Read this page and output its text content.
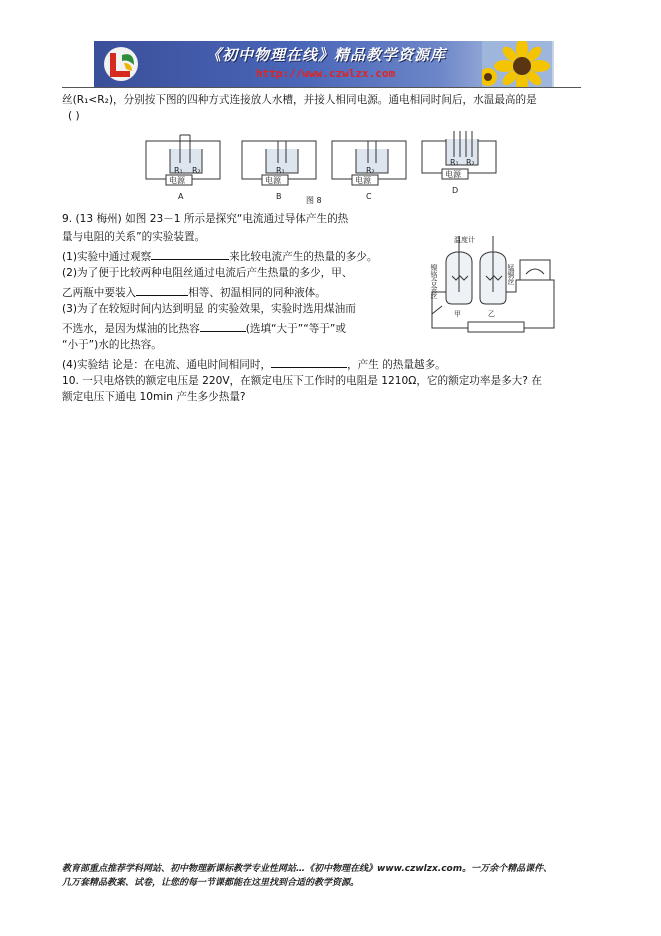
《初中物理在线》精品教学资源库
http://www.czwlzx.com
丝(R₁<R₂)，分别按下图的四种方式连接放人水槽，并接人相同电源。通电相同时间后，水温最高的是
( )
R₁ R₂
电源
A
R₁
电源
B
R₂
电源
C
R₁ R₂
电源
D
图 8
9. (13 梅州) 如图 23－1 所示是探究“电流通过导体产生的热
量与电阻的关系”的实验装置。
(1)实验中通过观察	来比较电流产生的热量的多少。
(2)为了便于比较两种电阻丝通过电流后产生热量的多少，甲、
乙两瓶中要装入	相等、初温相同的同种液体。
(3)为了在较短时间内达到明显 的实验效果，实验时选用煤油而
不选水，是因为煤油的比热容	(选填“大于”“等于”或
“小于”)水的比热容。
(4)实验结 论是：在电流、通电时间相同时，	，产生 的热量越多。
温度计
镍铬合金丝	锰铜丝
甲	乙
10. 一只电烙铁的额定电压是 220V，在额定电压下工作时的电阻是 1210Ω，它的额定功率是多大? 在
额定电压下通电 10min 产生多少热量?
教育部重点推荐学科网站、初中物理新课标教学专业性网站…《初中物理在线》www.czwlzx.com。一万余个精品课件、
几万套精品教案、试卷，让您的每一节课都能在这里找到合适的教学资源。
